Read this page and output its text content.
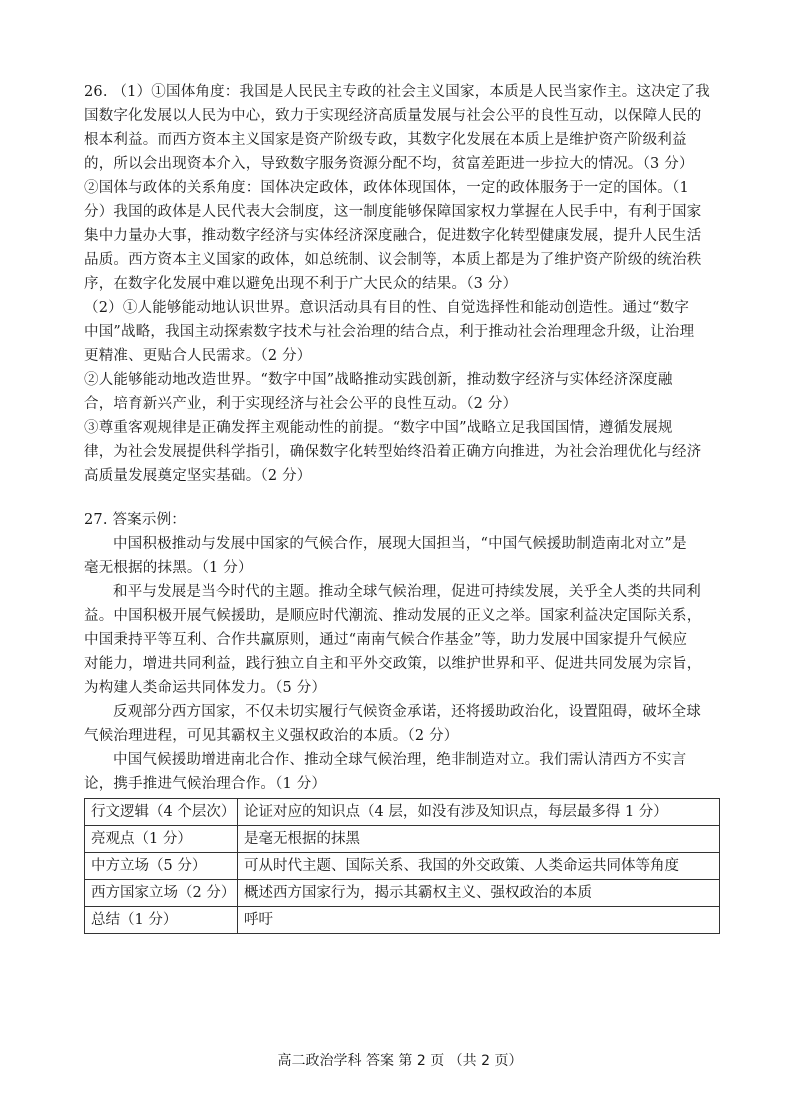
26. （1）①国体角度：我国是人民民主专政的社会主义国家，本质是人民当家作主。这决定了我
国数字化发展以人民为中心，致力于实现经济高质量发展与社会公平的良性互动，以保障人民的
根本利益。而西方资本主义国家是资产阶级专政，其数字化发展在本质上是维护资产阶级利益
的，所以会出现资本介入，导致数字服务资源分配不均，贫富差距进一步拉大的情况。（3 分）
②国体与政体的关系角度：国体决定政体，政体体现国体，一定的政体服务于一定的国体。（1
分）我国的政体是人民代表大会制度，这一制度能够保障国家权力掌握在人民手中，有利于国家
集中力量办大事，推动数字经济与实体经济深度融合，促进数字化转型健康发展，提升人民生活
品质。西方资本主义国家的政体，如总统制、议会制等，本质上都是为了维护资产阶级的统治秩
序，在数字化发展中难以避免出现不利于广大民众的结果。（3 分）
（2）①人能够能动地认识世界。意识活动具有目的性、自觉选择性和能动创造性。通过“数字
中国”战略，我国主动探索数字技术与社会治理的结合点，利于推动社会治理理念升级，让治理
更精准、更贴合人民需求。（2 分）
②人能够能动地改造世界。“数字中国”战略推动实践创新，推动数字经济与实体经济深度融
合，培育新兴产业，利于实现经济与社会公平的良性互动。（2 分）
③尊重客观规律是正确发挥主观能动性的前提。“数字中国”战略立足我国国情，遵循发展规
律，为社会发展提供科学指引，确保数字化转型始终沿着正确方向推进，为社会治理优化与经济
高质量发展奠定坚实基础。（2 分）
27. 答案示例：
中国积极推动与发展中国家的气候合作，展现大国担当，“中国气候援助制造南北对立”是
毫无根据的抹黑。（1 分）
和平与发展是当今时代的主题。推动全球气候治理，促进可持续发展，关乎全人类的共同利
益。中国积极开展气候援助，是顺应时代潮流、推动发展的正义之举。国家利益决定国际关系，
中国秉持平等互利、合作共赢原则，通过“南南气候合作基金”等，助力发展中国家提升气候应
对能力，增进共同利益，践行独立自主和平外交政策，以维护世界和平、促进共同发展为宗旨，
为构建人类命运共同体发力。（5 分）
反观部分西方国家，不仅未切实履行气候资金承诺，还将援助政治化，设置阻碍，破坏全球
气候治理进程，可见其霸权主义强权政治的本质。（2 分）
中国气候援助增进南北合作、推动全球气候治理，绝非制造对立。我们需认清西方不实言
论，携手推进气候治理合作。（1 分）
行文逻辑（4 个层次）	论证对应的知识点（4 层，如没有涉及知识点，每层最多得 1 分）
亮观点（1 分）	是毫无根据的抹黑
中方立场（5 分）	可从时代主题、国际关系、我国的外交政策、人类命运共同体等角度
西方国家立场（2 分）	概述西方国家行为，揭示其霸权主义、强权政治的本质
总结（1 分）	呼吁
高二政治学科 答案 第 2 页 （共 2 页）
